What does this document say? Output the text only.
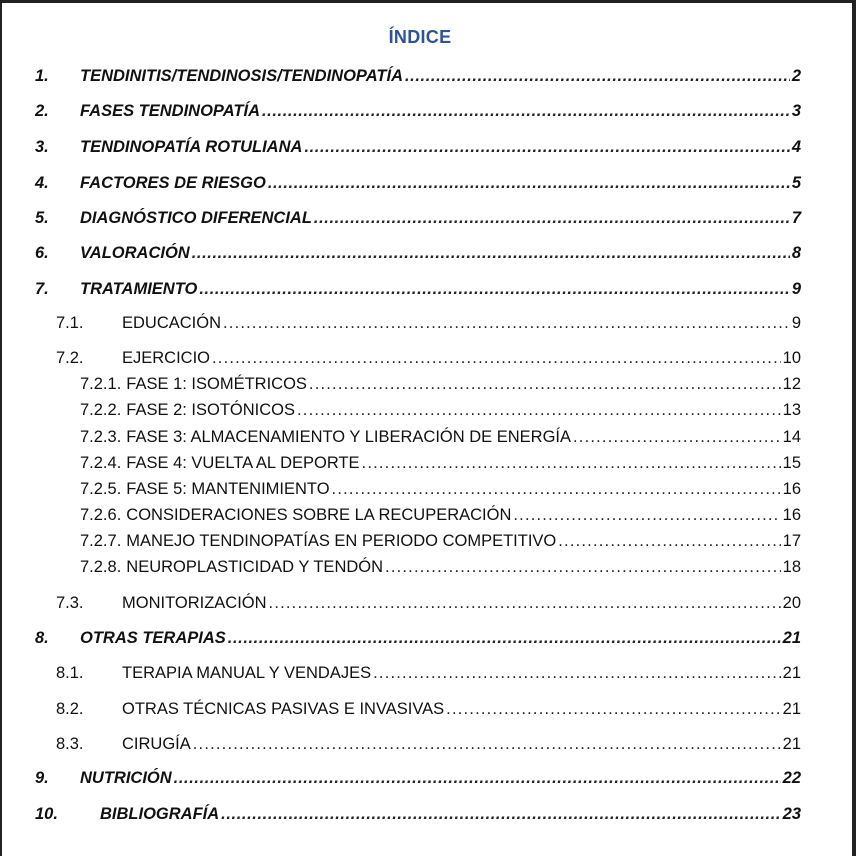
ÍNDICE
1.	TENDINITIS/TENDINOSIS/TENDINOPATÍA .....	2
2.	FASES TENDINOPATÍA .....	3
3.	TENDINOPATÍA ROTULIANA .....	4
4.	FACTORES DE RIESGO .....	5
5.	DIAGNÓSTICO DIFERENCIAL .....	7
6.	VALORACIÓN .....	8
7.	TRATAMIENTO .....	9
7.1.	EDUCACIÓN .....	9
7.2.	EJERCICIO .....	10
7.2.1. FASE 1: ISOMÉTRICOS .....	12
7.2.2. FASE 2: ISOTÓNICOS .....	13
7.2.3. FASE 3: ALMACENAMIENTO Y LIBERACIÓN DE ENERGÍA .....	14
7.2.4. FASE 4: VUELTA AL DEPORTE .....	15
7.2.5. FASE 5: MANTENIMIENTO .....	16
7.2.6. CONSIDERACIONES SOBRE LA RECUPERACIÓN .....	16
7.2.7. MANEJO TENDINOPATÍAS EN PERIODO COMPETITIVO .....	17
7.2.8. NEUROPLASTICIDAD Y TENDÓN .....	18
7.3.	MONITORIZACIÓN .....	20
8.	OTRAS TERAPIAS .....	21
8.1.	TERAPIA MANUAL Y VENDAJES .....	21
8.2.	OTRAS TÉCNICAS PASIVAS E INVASIVAS .....	21
8.3.	CIRUGÍA .....	21
9.	NUTRICIÓN .....	22
10.	BIBLIOGRAFÍA .....	23
